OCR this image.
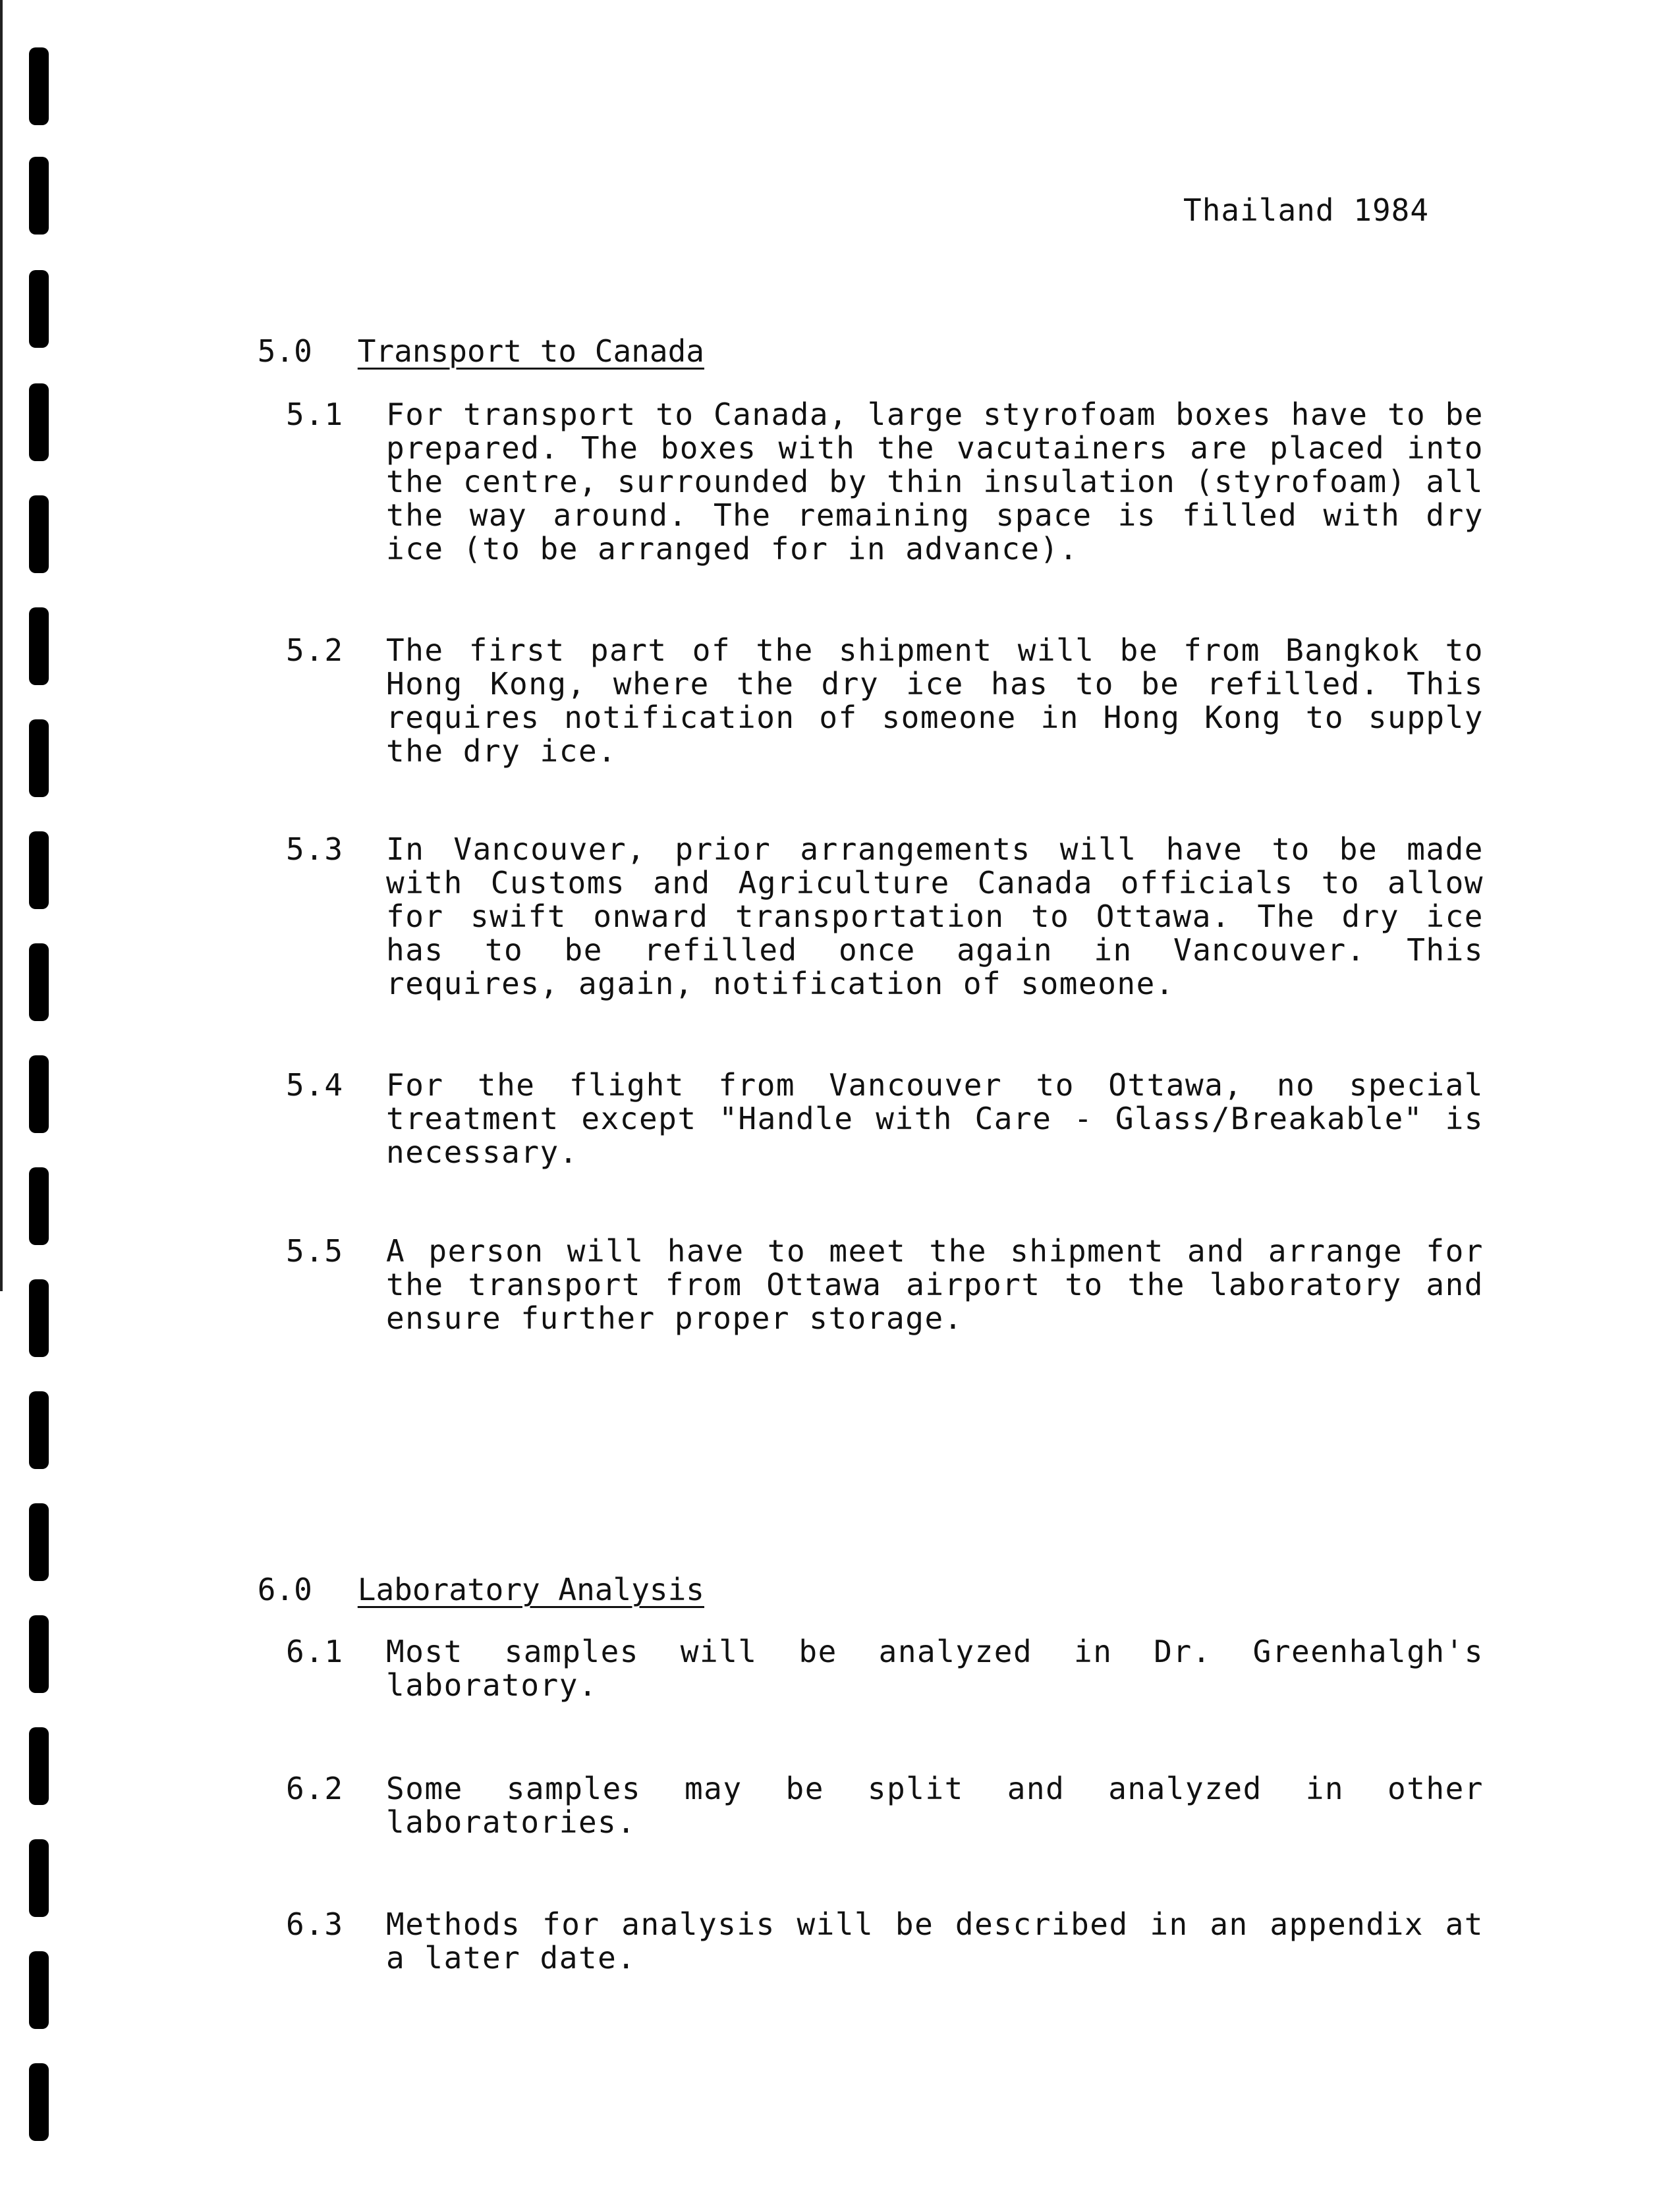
Thailand 1984

5.0 Transport to Canada

5.1	For transport to Canada, large styrofoam boxes have to be prepared. The boxes with the vacutainers are placed into the centre, surrounded by thin insulation (styrofoam) all the way around. The remaining space is filled with dry ice (to be arranged for in advance).
5.2	The first part of the shipment will be from Bangkok to Hong Kong, where the dry ice has to be refilled. This requires notification of someone in Hong Kong to supply the dry ice.
5.3	In Vancouver, prior arrangements will have to be made with Customs and Agriculture Canada officials to allow for swift onward transportation to Ottawa. The dry ice has to be refilled once again in Vancouver. This requires, again, notification of someone.
5.4	For the flight from Vancouver to Ottawa, no special treatment except "Handle with Care - Glass/Breakable" is necessary.
5.5	A person will have to meet the shipment and arrange for the transport from Ottawa airport to the laboratory and ensure further proper storage.

6.0 Laboratory Analysis

6.1	Most samples will be analyzed in Dr. Greenhalgh's laboratory.
6.2	Some samples may be split and analyzed in other laboratories.
6.3	Methods for analysis will be described in an appendix at a later date.
